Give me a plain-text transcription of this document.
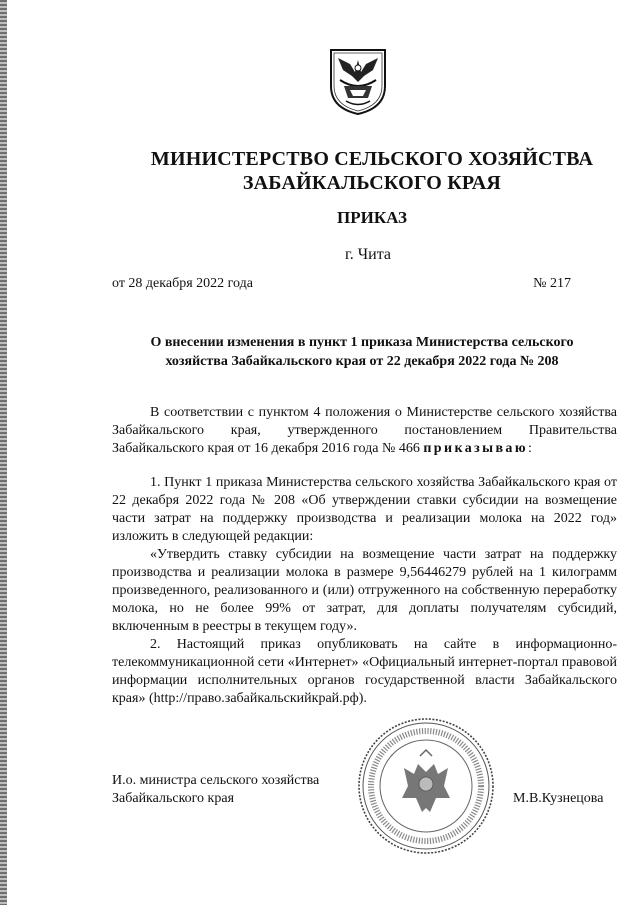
МИНИСТЕРСТВО СЕЛЬСКОГО ХОЗЯЙСТВА
ЗАБАЙКАЛЬСКОГО КРАЯ
ПРИКАЗ
г. Чита
от 28 декабря 2022 года	№ 217
О внесении изменения в пункт 1 приказа Министерства сельского
хозяйства Забайкальского края от 22 декабря 2022 года № 208

В соответствии с пунктом 4 положения о Министерстве сельского хозяйства Забайкальского края, утвержденного постановлением Правительства Забайкальского края от 16 декабря 2016 года № 466 приказываю:

1. Пункт 1 приказа Министерства сельского хозяйства Забайкальского края от 22 декабря 2022 года № 208 «Об утверждении ставки субсидии на возмещение части затрат на поддержку производства и реализации молока на 2022 год» изложить в следующей редакции:

«Утвердить ставку субсидии на возмещение части затрат на поддержку производства и реализации молока в размере 9,56446279 рублей на 1 килограмм произведенного, реализованного и (или) отгруженного на собственную переработку молока, но не более 99% от затрат, для доплаты получателям субсидий, включенным в реестры в текущем году».

2. Настоящий приказ опубликовать на сайте в информационно-телекоммуникационной сети «Интернет» «Официальный интернет-портал правовой информации исполнительных органов государственной власти Забайкальского края» (http://право.забайкальскийкрай.рф).

И.о. министра сельского хозяйства
Забайкальского края	М.В.Кузнецова
